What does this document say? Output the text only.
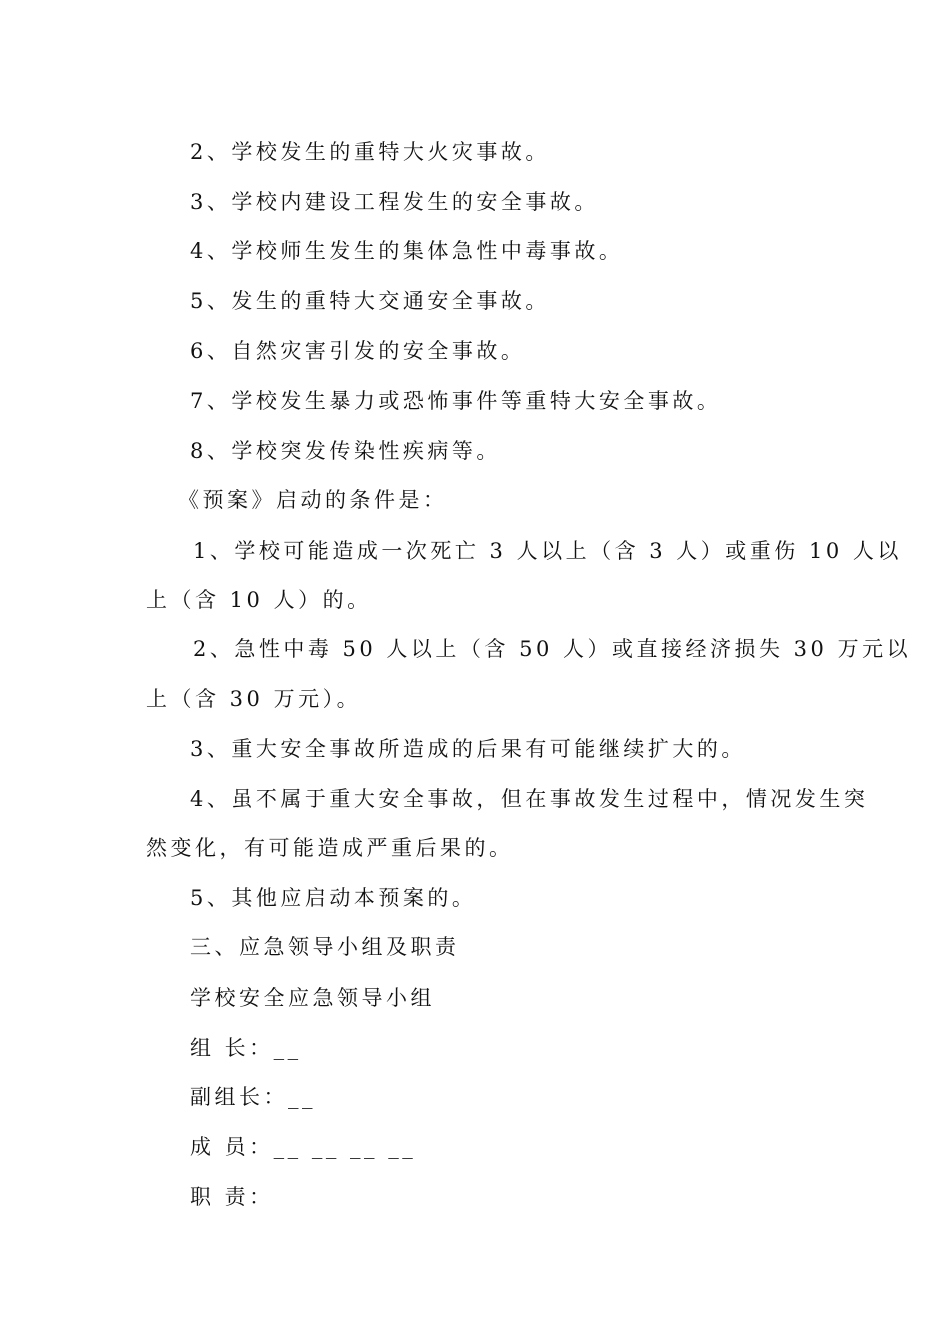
2、学校发生的重特大火灾事故。
3、学校内建设工程发生的安全事故。
4、学校师生发生的集体急性中毒事故。
5、发生的重特大交通安全事故。
6、自然灾害引发的安全事故。
7、学校发生暴力或恐怖事件等重特大安全事故。
8、学校突发传染性疾病等。
《预案》启动的条件是：
1、学校可能造成一次死亡 3 人以上（含 3 人）或重伤 10 人以
上（含 10 人）的。
2、急性中毒 50 人以上（含 50 人）或直接经济损失 30 万元以
上（含 30 万元）。
3、重大安全事故所造成的后果有可能继续扩大的。
4、虽不属于重大安全事故，但在事故发生过程中，情况发生突
然变化，有可能造成严重后果的。
5、其他应启动本预案的。
三、应急领导小组及职责
学校安全应急领导小组
组 长：__
副组长：__
成 员：__ __ __ __
职 责：
